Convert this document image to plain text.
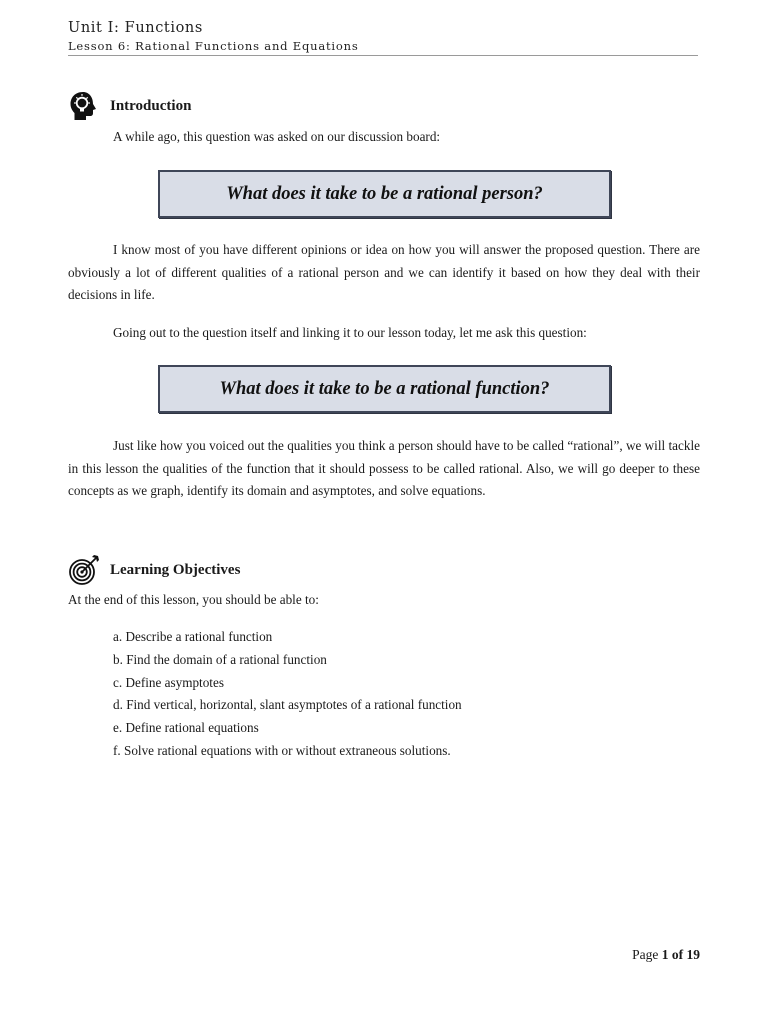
Unit I: Functions
Lesson 6: Rational Functions and Equations
Introduction
A while ago, this question was asked on our discussion board:
What does it take to be a rational person?
I know most of you have different opinions or idea on how you will answer the proposed question. There are obviously a lot of different qualities of a rational person and we can identify it based on how they deal with their decisions in life.
Going out to the question itself and linking it to our lesson today, let me ask this question:
What does it take to be a rational function?
Just like how you voiced out the qualities you think a person should have to be called “rational”, we will tackle in this lesson the qualities of the function that it should possess to be called rational. Also, we will go deeper to these concepts as we graph, identify its domain and asymptotes, and solve equations.
Learning Objectives
At the end of this lesson, you should be able to:
a. Describe a rational function
b. Find the domain of a rational function
c. Define asymptotes
d. Find vertical, horizontal, slant asymptotes of a rational function
e. Define rational equations
f. Solve rational equations with or without extraneous solutions.
Page 1 of 19
